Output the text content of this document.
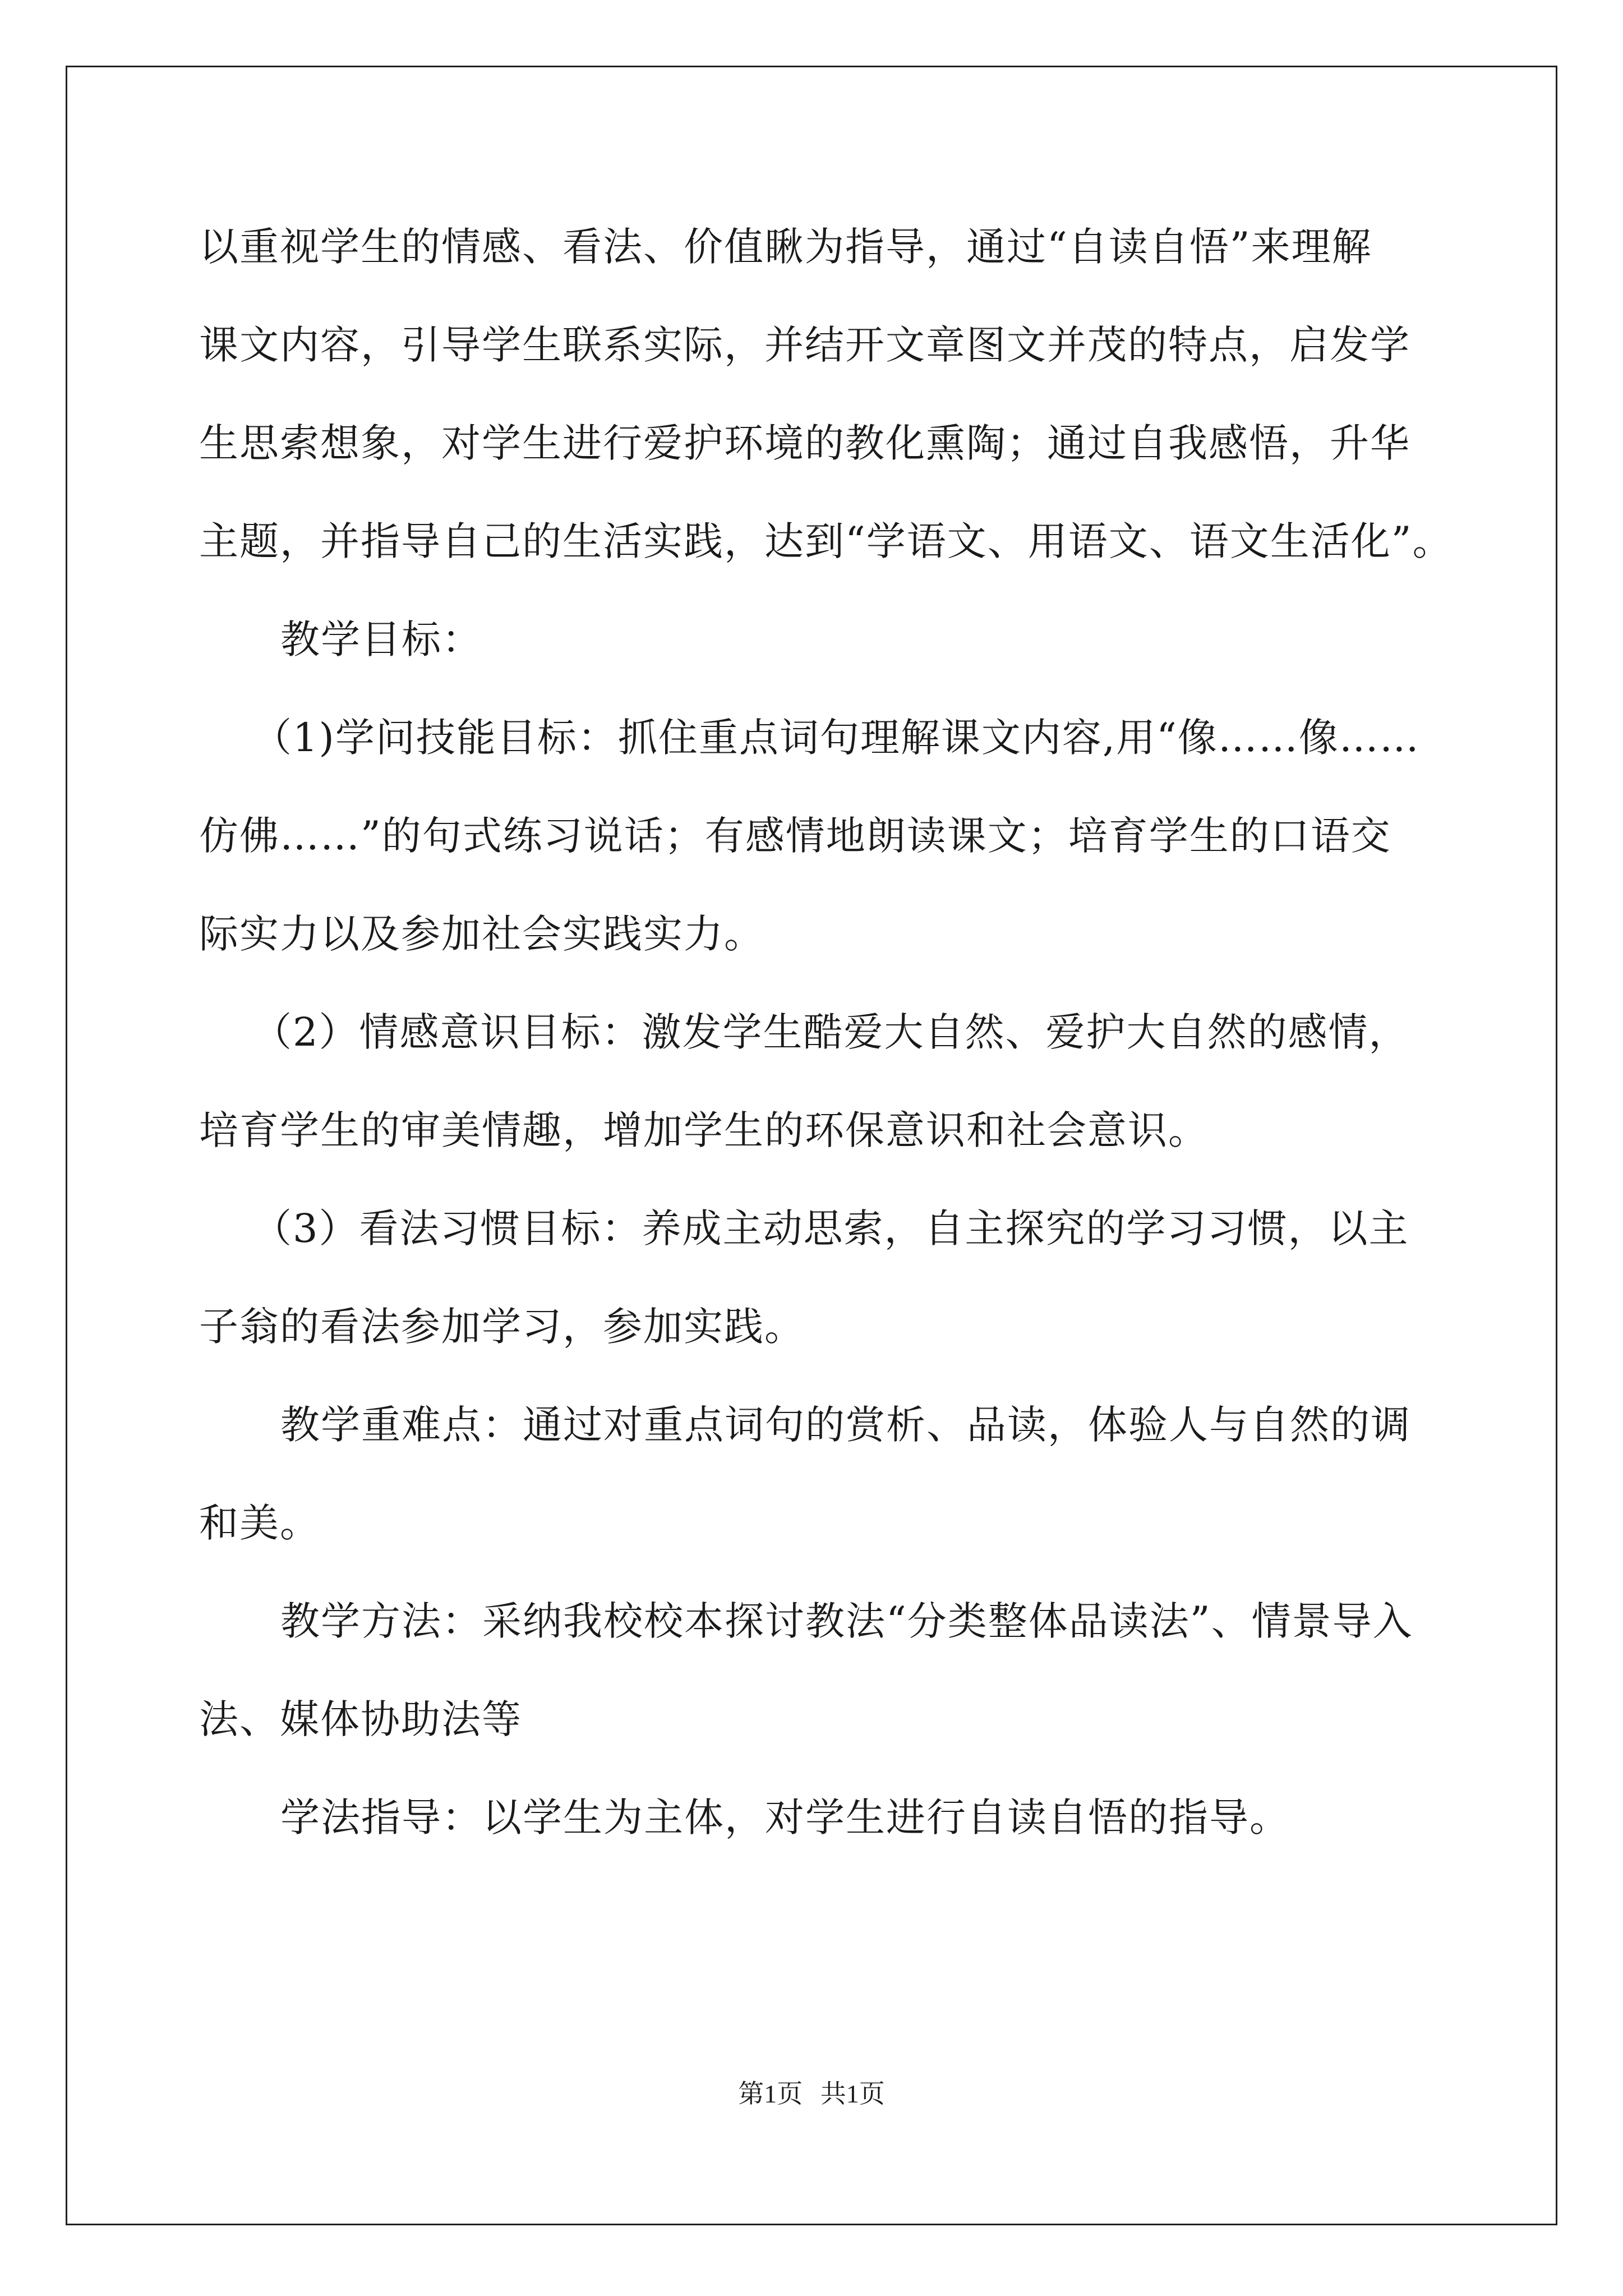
以重视学生的情感、看法、价值瞅为指导，通过“自读自悟”来理解
课文内容，引导学生联系实际，并结开文章图文并茂的特点，启发学
生思索想象，对学生进行爱护环境的教化熏陶；通过自我感悟，升华
主题，并指导自己的生活实践，达到“学语文、用语文、语文生活化”。
教学目标：
（1)学问技能目标：抓住重点词句理解课文内容,用“像……像……
仿佛……”的句式练习说话；有感情地朗读课文；培育学生的口语交
际实力以及参加社会实践实力。
（2）情感意识目标：激发学生酷爱大自然、爱护大自然的感情，
培育学生的审美情趣，增加学生的环保意识和社会意识。
（3）看法习惯目标：养成主动思索，自主探究的学习习惯，以主
子翁的看法参加学习，参加实践。
教学重难点：通过对重点词句的赏析、品读，体验人与自然的调
和美。
教学方法：采纳我校校本探讨教法“分类整体品读法”、情景导入
法、媒体协助法等
学法指导：以学生为主体，对学生进行自读自悟的指导。
第1页 共1页
